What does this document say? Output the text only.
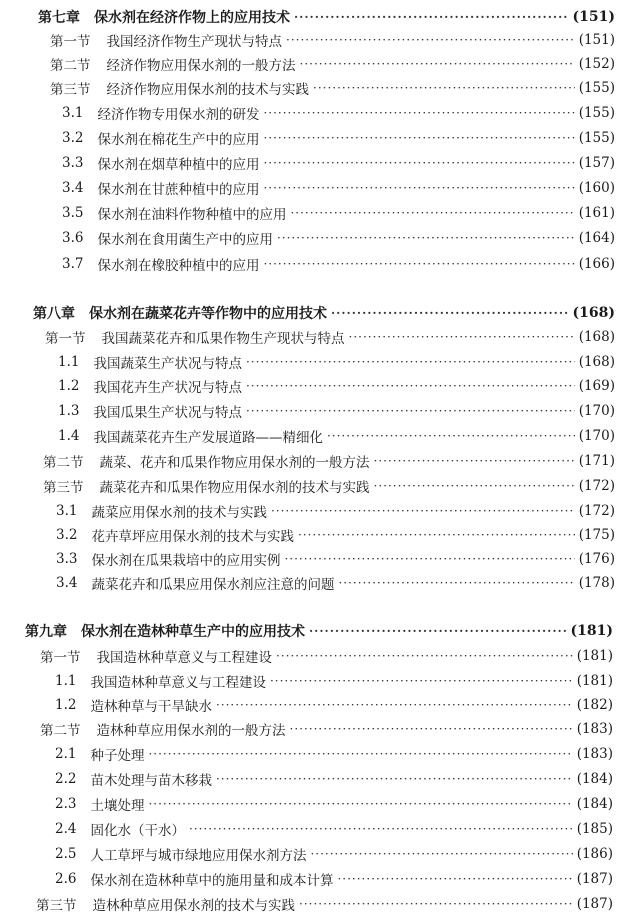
第七章 保水剂在经济作物上的应用技术 ·····	(151)
第一节 我国经济作物生产现状与特点 ·····	(151)
第二节 经济作物应用保水剂的一般方法 ·····	(152)
第三节 经济作物应用保水剂的技术与实践 ·····	(155)
3.1 经济作物专用保水剂的研发 ·····	(155)
3.2 保水剂在棉花生产中的应用 ·····	(155)
3.3 保水剂在烟草种植中的应用 ·····	(157)
3.4 保水剂在甘蔗种植中的应用 ·····	(160)
3.5 保水剂在油料作物种植中的应用 ·····	(161)
3.6 保水剂在食用菌生产中的应用 ·····	(164)
3.7 保水剂在橡胶种植中的应用 ·····	(166)
第八章 保水剂在蔬菜花卉等作物中的应用技术 ·····	(168)
第一节 我国蔬菜花卉和瓜果作物生产现状与特点 ·····	(168)
1.1 我国蔬菜生产状况与特点 ·····	(168)
1.2 我国花卉生产状况与特点 ·····	(169)
1.3 我国瓜果生产状况与特点 ·····	(170)
1.4 我国蔬菜花卉生产发展道路——精细化 ·····	(170)
第二节 蔬菜、花卉和瓜果作物应用保水剂的一般方法 ·····	(171)
第三节 蔬菜花卉和瓜果作物应用保水剂的技术与实践 ·····	(172)
3.1 蔬菜应用保水剂的技术与实践 ·····	(172)
3.2 花卉草坪应用保水剂的技术与实践 ·····	(175)
3.3 保水剂在瓜果栽培中的应用实例 ·····	(176)
3.4 蔬菜花卉和瓜果应用保水剂应注意的问题 ·····	(178)
第九章 保水剂在造林种草生产中的应用技术 ·····	(181)
第一节 我国造林种草意义与工程建设 ·····	(181)
1.1 我国造林种草意义与工程建设 ·····	(181)
1.2 造林种草与干旱缺水 ·····	(182)
第二节 造林种草应用保水剂的一般方法 ·····	(183)
2.1 种子处理 ·····	(183)
2.2 苗木处理与苗木移栽 ·····	(184)
2.3 土壤处理 ·····	(184)
2.4 固化水（干水） ·····	(185)
2.5 人工草坪与城市绿地应用保水剂方法 ·····	(186)
2.6 保水剂在造林种草中的施用量和成本计算 ·····	(187)
第三节 造林种草应用保水剂的技术与实践 ·····	(187)
